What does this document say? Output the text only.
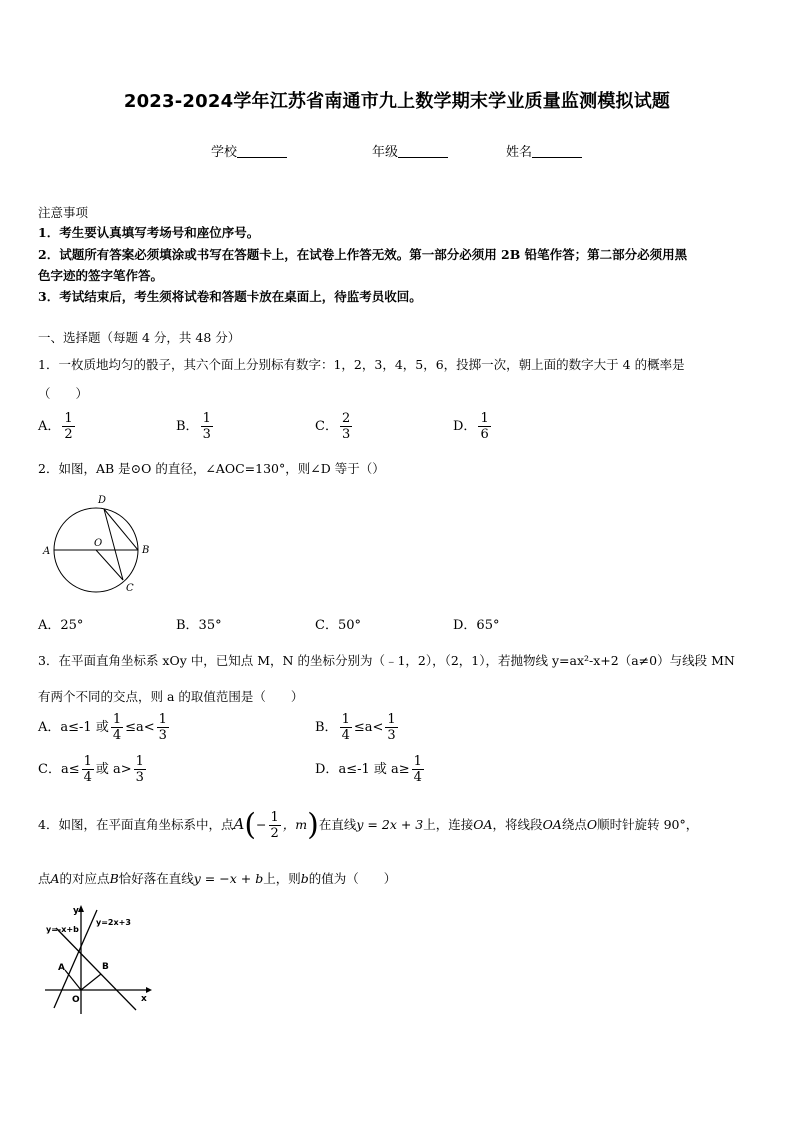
2023-2024学年江苏省南通市九上数学期末学业质量监测模拟试题
学校	年级	姓名
注意事项
1．考生要认真填写考场号和座位序号。
2．试题所有答案必须填涂或书写在答题卡上，在试卷上作答无效。第一部分必须用 2B 铅笔作答；第二部分必须用黑
色字迹的签字笔作答。
3．考试结束后，考生须将试卷和答题卡放在桌面上，待监考员收回。
一、选择题（每题 4 分，共 48 分）
1．一枚质地均匀的骰子，其六个面上分别标有数字：1，2，3，4，5，6，投掷一次，朝上面的数字大于 4 的概率是
（　　）
A． $\frac{1}{2}$	B． $\frac{1}{3}$	C． $\frac{2}{3}$	D． $\frac{1}{6}$
2．如图，AB 是⊙O 的直径，∠AOC=130°，则∠D 等于（）
D
O
A	B
C
A．25°	B．35°	C．50°	D．65°
3．在平面直角坐标系 xOy 中，已知点 M，N 的坐标分别为（﹣1，2），（2，1），若抛物线 y=ax²-x+2（a≠0）与线段 MN
有两个不同的交点，则 a 的取值范围是（　　）
A．a≤-1 或 $\frac{1}{4} \le a< \frac{1}{3}$	B． $\frac{1}{4} \le a< \frac{1}{3}$
C．$a\le \frac{1}{4}$ 或 $a> \frac{1}{3}$	D．a≤-1 或 $a\ge \frac{1}{4}$
4．如图，在平面直角坐标系中，点$A(- \frac{1}{2}$ ，m)在直线y = 2x + 3上，连接OA，将线段OA绕点O顺时针旋转 90°，
点A的对应点B恰好落在直线y = −x + b上，则b的值为（　　）
y
x
y=-x+b
y=2x+3
A	B
O
